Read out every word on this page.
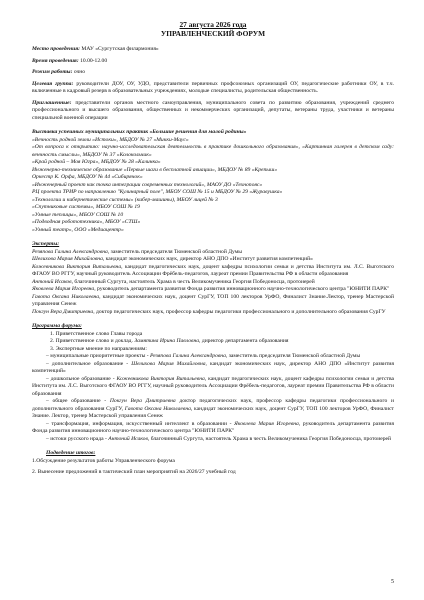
27 августа 2026 года
УПРАВЛЕНЧЕСКИЙ ФОРУМ

Место проведения: МАУ «Сургутская филармония»

Время проведения: 10.00-12.00

Режим работы: очно

Целевая группа: руководители ДОУ, ОУ, УДО, представители первичных профсоюзных организаций ОУ, педагогические работники ОУ, в т.ч. включенные в кадровый резерв в образовательных учреждениях, молодые специалисты, родительская общественность.

Приглашенные: представители органов местного самоуправления, муниципального совета по развитию образования, учреждений среднего профессионального и высшего образования, общественных и некоммерческих организаций, депутаты, ветераны труда, участники и ветераны специальной военной операции

Выставка успешных муниципальных практик «Большие решения для малой родины»

«Вечность родной земли «Истоки», МБДОУ № 27 «Микки-Маус»

«От вопроса к открытию: научно-исследовательская деятельность в практике дошкольного образования», «Картинная галерея в детском саду: венчность смыслы», МБДОУ № 37 «Колокольчик»

«Край родной – Моя Югра», МБДОУ № 28 «Калинка»

Инженерно-техническое образование «Первые шаги в бесплатной авиации», МБДОУ № 89 «Крепыш»

Оркестр К. Орфа, МБДОУ № 44 «Сибирячок»

«Инженерный проект как точка интеграции современных технологий», МАОУ ДО «Технопояс»

РЦ проекта ТРИР по направлению "Кулинарный поле", МБОУ СОШ № 15 и МБДОУ № 29 «Журавушка»

«Технологии и кибернетические системы» (кибер-машины), МБОУ лицей № 3

«Спутниковые системы», МБОУ СОШ № 19

«Умные теплицы», МБОУ СОШ № 10

«Подводная робототехника», МБОУ «СТШ»

«Умный театр», ООО «Медиацентр»

Эксперты:

Резяпова Галина Александровна, заместитель председателя Тюменской областной Думы

Шелихова Мария Михайловна, кандидат экономических наук, директор АНО ДПО «Институт развития компетенций»

Кожевникова Виктория Витальевна, кандидат педагогических наук, доцент кафедры психологии семьи и детства Института им. Л.С. Выготского ФГАОУ ВО РГГУ, научный руководитель Ассоциации Фрёбель-педагогов, лауреат премии Правительства РФ в области образования

Антоний Исаков, благочинный Сургута, настоятель Храма в честь Великомученика Георгия Победоносца, протоиерей

Яковлева Мария Игоревна, руководитель департамента развития Фонда развития инновационного научно-технологического центра "ЮНИТИ ПАРК"

Гавота Оксана Николаевна, кандидат экономических наук, доцент СурГУ, ТОП 100 лекторов УрФО, Финалист Знание.Лектор, тренер Мастерской управления Сенеж

Покгун Вера Дмитриевна, доктор педагогических наук, профессор кафедры педагогики профессионального и дополнительного образования СурГУ

Программа форума:

1. Приветственное слово Главы города

2. Приветственное слово и доклад. Замятина Ирина Павловна, директор департамента образования

3. Экспертные мнение по направлениям:

– муниципальные приоритетные проекты - Резяпова Галина Александровна, заместитель председателя Тюменской областной Думы

– дополнительное образование - Шелихова Мария Михайловна, кандидат экономических наук, директор АНО ДПО «Институт развития компетенций»

– дошкольное образование - Кожевникова Виктория Витальевна, кандидат педагогических наук, доцент кафедры психологии семьи и детства Института им. Л.С. Выготского ФГАОУ ВО РГГУ, научный руководитель Ассоциации Фрёбель-педагогов, лауреат премии Правительства РФ в области образования

– общее образование - Покгун Вера Дмитриевна доктор педагогических наук, профессор кафедры педагогики профессионального и дополнительного образования СурГУ, Гавота Оксана Николаевна, кандидат экономических наук, доцент СурГУ, ТОП 100 лекторов УрФО, Финалист Знание. Лектор, тренер Мастерской управления Сенеж

– трансформация, информация, искусственный интеллект в образовании - Яковлева Мария Игоревна, руководитель департамента развития Фонда развития инновационного научно-технологического центра "ЮНИТИ ПАРК"

– истоки русского нрада - Антоний Исаков, благочинный Сургута, настоятель Храма в честь Великомученика Георгия Победоносца, протоиерей

Подведение итогов:

1.Обсуждение результатов работы Управленческого форума

2. Вынесение предложений в тактический план мероприятий на 2026/27 учебный год

5
